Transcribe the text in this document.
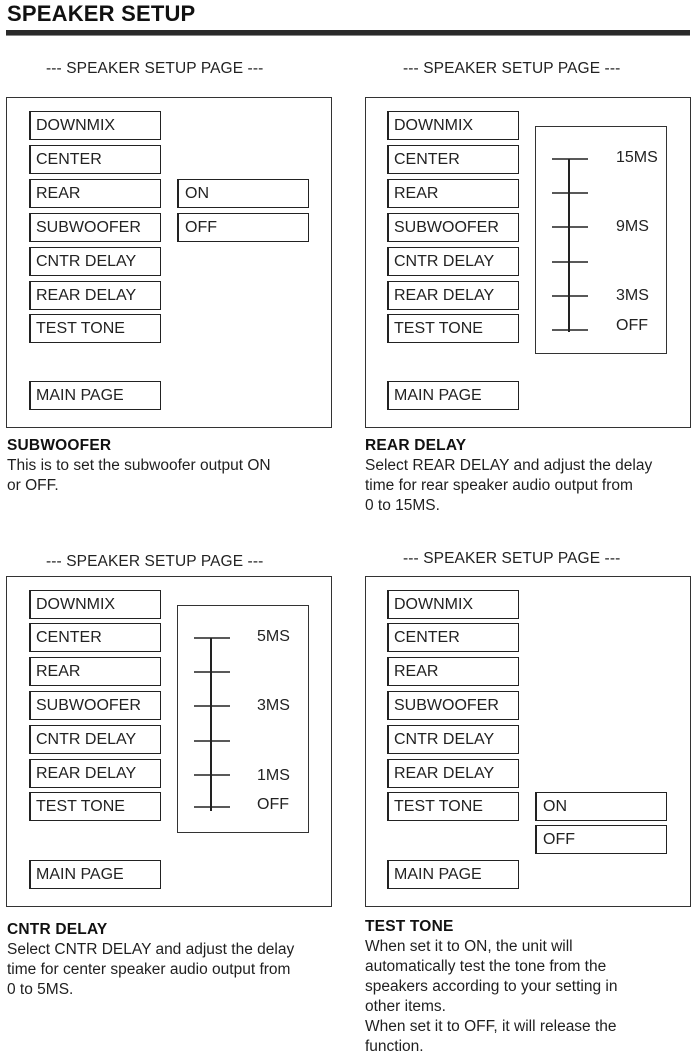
SPEAKER SETUP
--- SPEAKER SETUP PAGE ---
DOWNMIX
CENTER
REAR
SUBWOOFER
CNTR DELAY
REAR DELAY
TEST TONE
MAIN PAGE
ON
OFF
--- SPEAKER SETUP PAGE ---
DOWNMIX
CENTER
REAR
SUBWOOFER
CNTR DELAY
REAR DELAY
TEST TONE
MAIN PAGE
15MS
9MS
3MS
OFF
SUBWOOFER
This is to set the subwoofer output ON
or OFF.
REAR DELAY
Select REAR DELAY and adjust the delay
time for rear speaker audio output from
0 to 15MS.
--- SPEAKER SETUP PAGE ---
DOWNMIX
CENTER
REAR
SUBWOOFER
CNTR DELAY
REAR DELAY
TEST TONE
MAIN PAGE
5MS
3MS
1MS
OFF
--- SPEAKER SETUP PAGE ---
DOWNMIX
CENTER
REAR
SUBWOOFER
CNTR DELAY
REAR DELAY
TEST TONE
MAIN PAGE
ON
OFF
CNTR DELAY
Select CNTR DELAY and adjust the delay
time for center speaker audio output from
0 to 5MS.
TEST TONE
When set it to ON, the unit will
automatically test the tone from the
speakers according to your setting in
other items.
When set it to OFF, it will release the
function.
